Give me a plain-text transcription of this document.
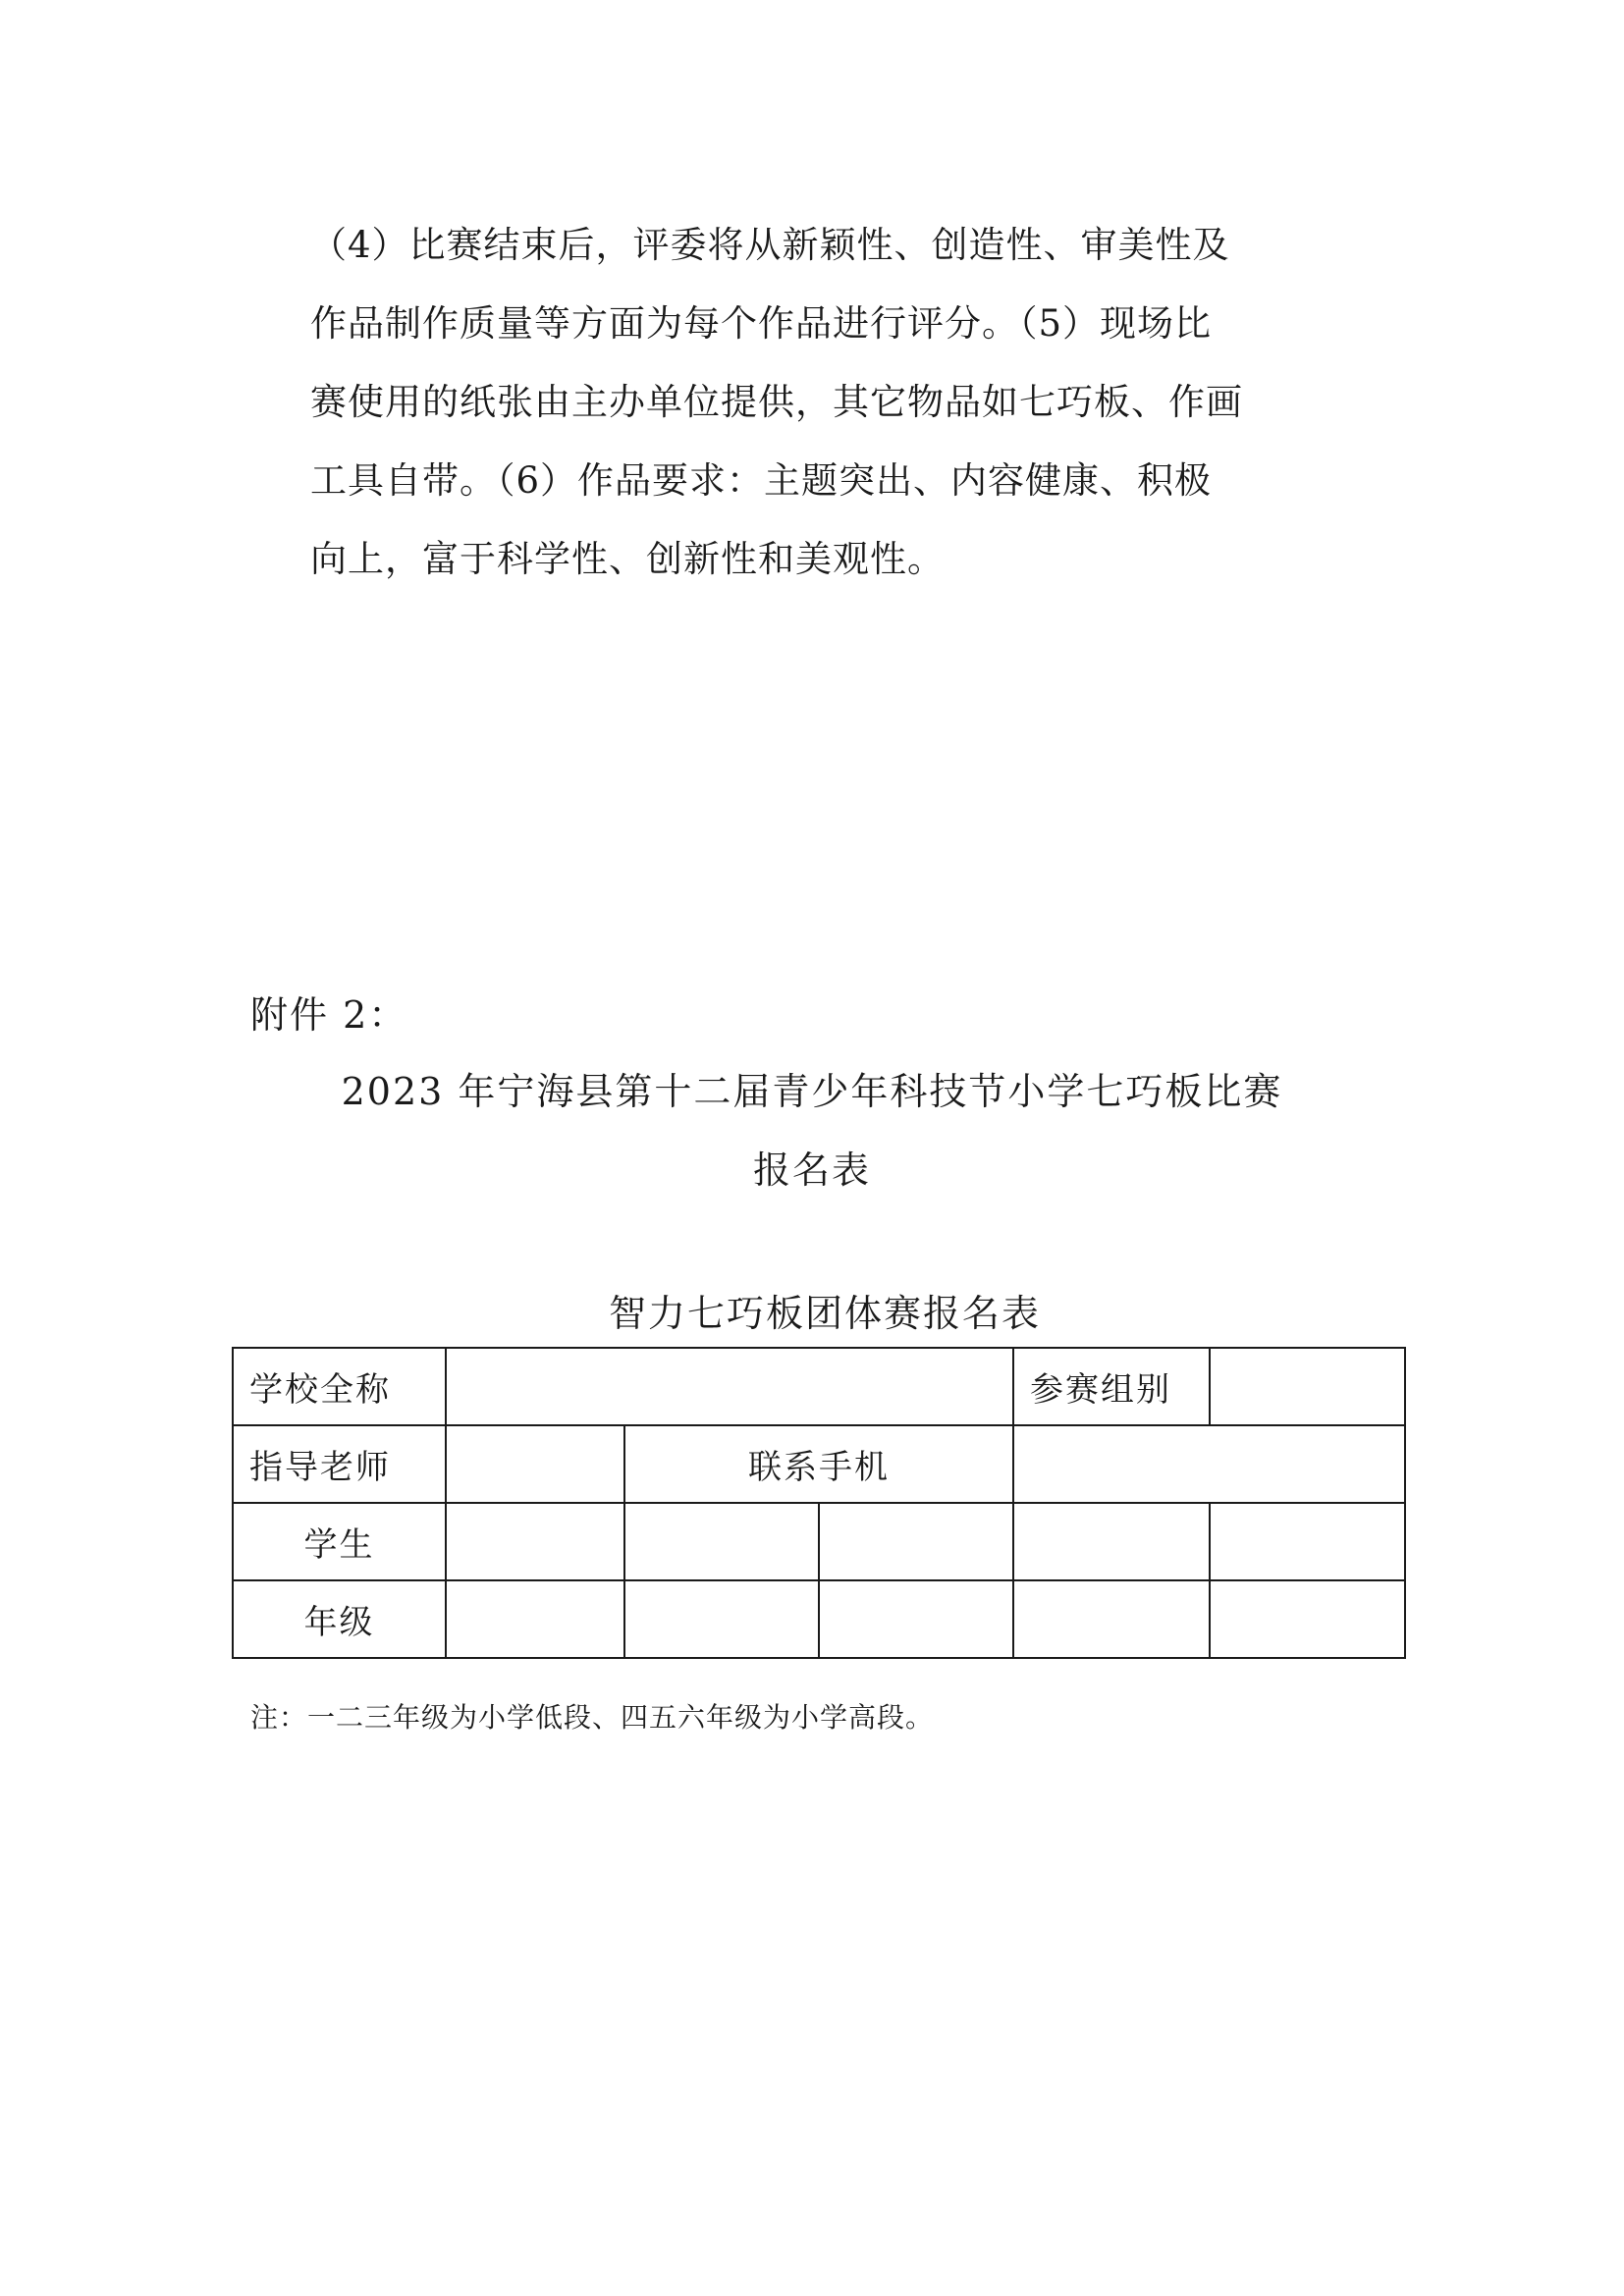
（4）比赛结束后，评委将从新颖性、创造性、审美性及
作品制作质量等方面为每个作品进行评分。（5）现场比
赛使用的纸张由主办单位提供，其它物品如七巧板、作画
工具自带。（6）作品要求：主题突出、内容健康、积极
向上，富于科学性、创新性和美观性。
附件 2：
2023 年宁海县第十二届青少年科技节小学七巧板比赛
报名表
智力七巧板团体赛报名表
学校全称				参赛组别	
指导老师		联系手机			
学生					
年级					
注：一二三年级为小学低段、四五六年级为小学高段。
